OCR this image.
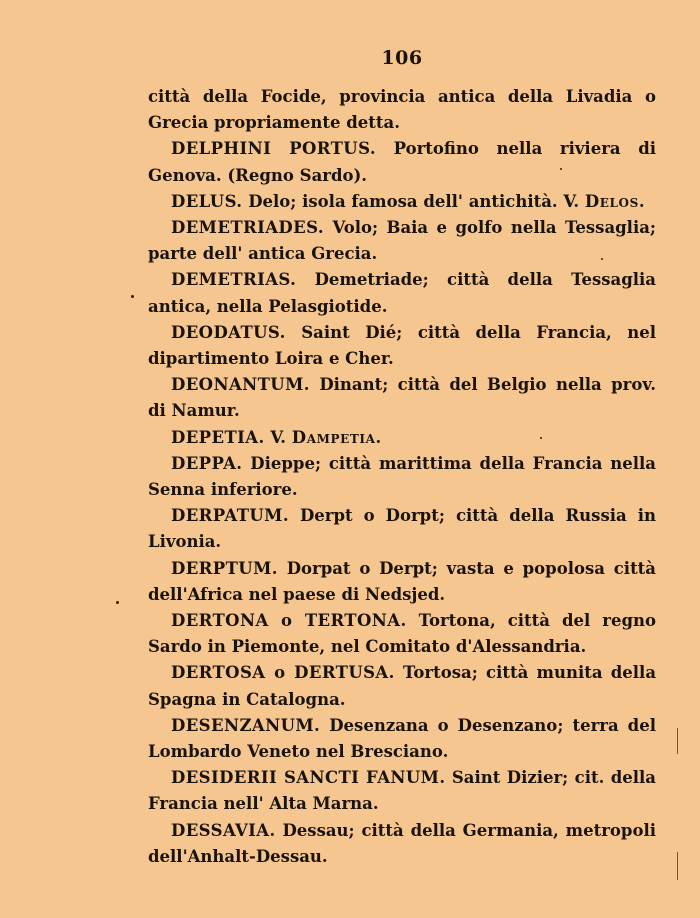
106
città della Focide, provincia antica della Livadia o Grecia propriamente detta.
DELPHINI PORTUS. Portofino nella riviera di Genova. (Regno Sardo).
DELUS. Delo; isola famosa dell' antichità. V. Delos.
DEMETRIADES. Volo; Baia e golfo nella Tessaglia; parte dell' antica Grecia.
DEMETRIAS. Demetriade; città della Tessaglia antica, nella Pelasgiotide.
DEODATUS. Saint Dié; città della Francia, nel dipartimento Loira e Cher.
DEONANTUM. Dinant; città del Belgio nella prov. di Namur.
DEPETIA. V. Dampetia.
DEPPA. Dieppe; città marittima della Francia nella Senna inferiore.
DERPATUM. Derpt o Dorpt; città della Russia in Livonia.
DERPTUM. Dorpat o Derpt; vasta e popolosa città dell'Africa nel paese di Nedsjed.
DERTONA o TERTONA. Tortona, città del regno Sardo in Piemonte, nel Comitato d'Alessandria.
DERTOSA o DERTUSA. Tortosa; città munita della Spagna in Catalogna.
DESENZANUM. Desenzana o Desenzano; terra del Lombardo Veneto nel Bresciano.
DESIDERII SANCTI FANUM. Saint Dizier; cit. della Francia nell' Alta Marna.
DESSAVIA. Dessau; città della Germania, metropoli dell'Anhalt-Dessau.
